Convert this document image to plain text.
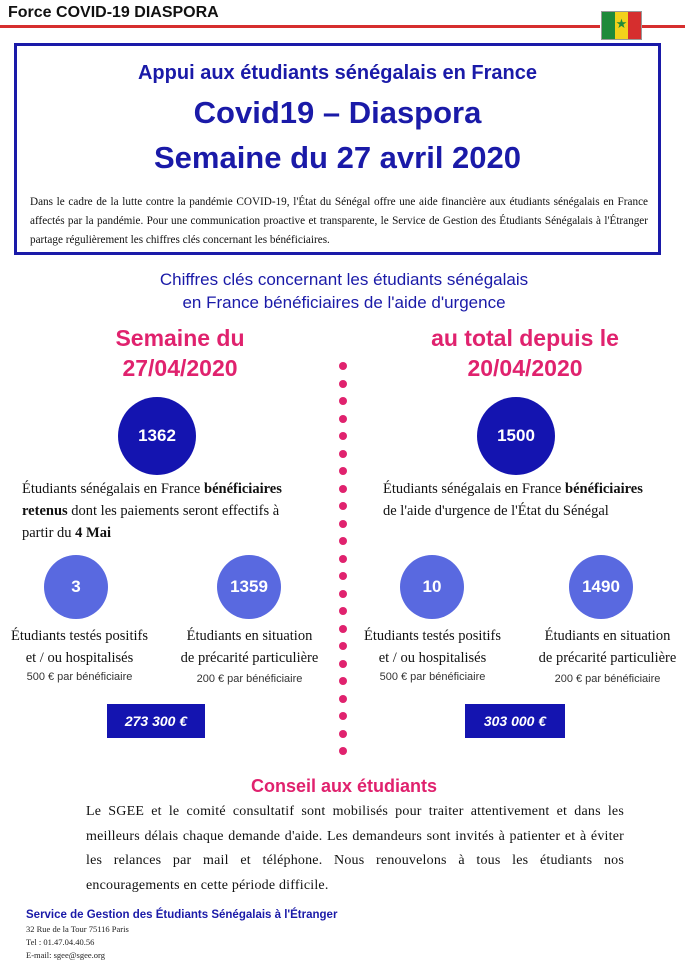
Force COVID-19 DIASPORA
★
Appui aux étudiants sénégalais en France
Covid19 – Diaspora
Semaine du 27 avril 2020
Dans le cadre de la lutte contre la pandémie COVID-19, l'État du Sénégal offre une aide financière aux étudiants sénégalais en France affectés par la pandémie. Pour une communication proactive et transparente, le Service de Gestion des Étudiants Sénégalais à l'Étranger partage régulièrement les chiffres clés concernant les bénéficiaires.
Chiffres clés concernant les étudiants sénégalais
en France bénéficiaires de l'aide d'urgence
Semaine du
27/04/2020
1362
Étudiants sénégalais en France bénéficiaires
retenus dont les paiements seront effectifs à
partir du 4 Mai
3	1359
Étudiants testés positifs
et / ou hospitalisés
500 € par bénéficiaire
Étudiants en situation
de précarité particulière
200 € par bénéficiaire
273 300 €
au total depuis le
20/04/2020
1500
Étudiants sénégalais en France bénéficiaires
de l'aide d'urgence de l'État du Sénégal
10	1490
Étudiants testés positifs
et / ou hospitalisés
500 € par bénéficiaire
Étudiants en situation
de précarité particulière
200 € par bénéficiaire
303 000 €
Conseil aux étudiants
Le SGEE et le comité consultatif sont mobilisés pour traiter attentivement et dans les meilleurs délais chaque demande d'aide. Les demandeurs sont invités à patienter et à éviter les relances par mail et téléphone. Nous renouvelons à tous les étudiants nos encouragements en cette période difficile.
Service de Gestion des Étudiants Sénégalais à l'Étranger
32 Rue de la Tour 75116 Paris
Tel : 01.47.04.40.56
E-mail: sgee@sgee.org
